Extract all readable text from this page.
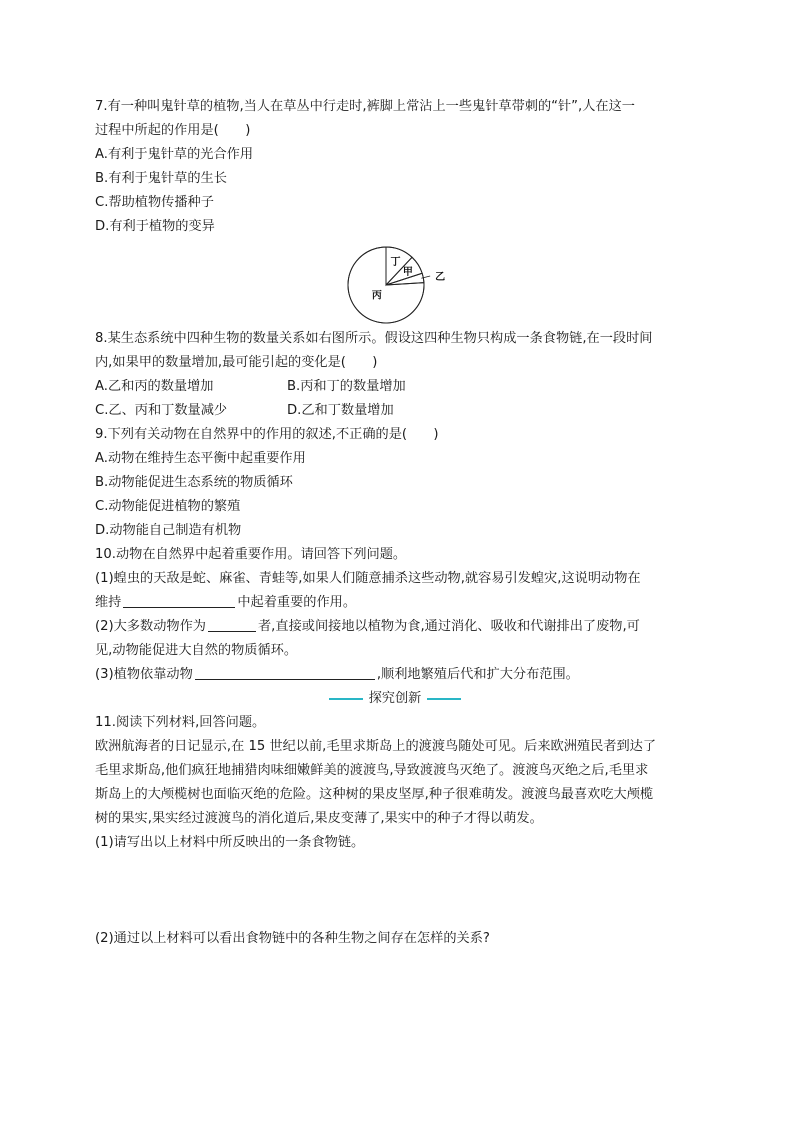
7.有一种叫鬼针草的植物,当人在草丛中行走时,裤脚上常沾上一些鬼针草带刺的“针”,人在这一
过程中所起的作用是(　　)
A.有利于鬼针草的光合作用
B.有利于鬼针草的生长
C.帮助植物传播种子
D.有利于植物的变异
丁
甲 乙
丙
8.某生态系统中四种生物的数量关系如右图所示。假设这四种生物只构成一条食物链,在一段时间
内,如果甲的数量增加,最可能引起的变化是(　　)
A.乙和丙的数量增加	B.丙和丁的数量增加
C.乙、丙和丁数量减少	D.乙和丁数量增加
9.下列有关动物在自然界中的作用的叙述,不正确的是(　　)
A.动物在维持生态平衡中起重要作用
B.动物能促进生态系统的物质循环
C.动物能促进植物的繁殖
D.动物能自己制造有机物
10.动物在自然界中起着重要作用。请回答下列问题。
(1)蝗虫的天敌是蛇、麻雀、青蛙等,如果人们随意捕杀这些动物,就容易引发蝗灾,这说明动物在
维持	中起着重要的作用。
(2)大多数动物作为	者,直接或间接地以植物为食,通过消化、吸收和代谢排出了废物,可
见,动物能促进大自然的物质循环。
(3)植物依靠动物	,顺利地繁殖后代和扩大分布范围。
探究创新
11.阅读下列材料,回答问题。
欧洲航海者的日记显示,在 15 世纪以前,毛里求斯岛上的渡渡鸟随处可见。后来欧洲殖民者到达了
毛里求斯岛,他们疯狂地捕猎肉味细嫩鲜美的渡渡鸟,导致渡渡鸟灭绝了。渡渡鸟灭绝之后,毛里求
斯岛上的大颅榄树也面临灭绝的危险。这种树的果皮坚厚,种子很难萌发。渡渡鸟最喜欢吃大颅榄
树的果实,果实经过渡渡鸟的消化道后,果皮变薄了,果实中的种子才得以萌发。
(1)请写出以上材料中所反映出的一条食物链。
(2)通过以上材料可以看出食物链中的各种生物之间存在怎样的关系?
